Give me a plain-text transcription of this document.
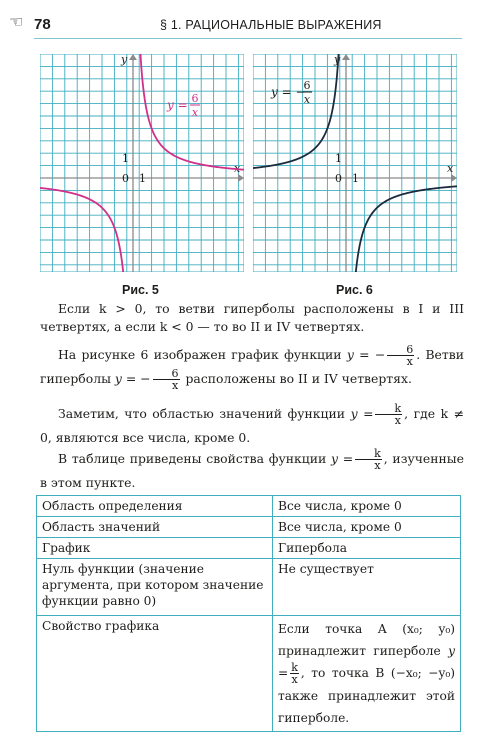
☜ 78	§ 1. РАЦИОНАЛЬНЫЕ ВЫРАЖЕНИЯ
y
x
0 1
1
y = 6
x
Рис. 5
y
x
0 1
1
y = −
6
x
Рис. 6
Если k > 0, то ветви гиперболы расположены в I и III четвертях, а если k < 0 — то во II и IV четвертях.
На рисунке 6 изображен график функции y = − $\frac{6}{x}$ . Ветви гиперболы y = − $\frac{6}{x}$ расположены во II и IV четвертях.
Заметим, что областью значений функции $y = \frac{k}{x}$ , где k ≠ 0, являются все числа, кроме 0.
В таблице приведены свойства функции $y = \frac{k}{x}$ , изученные в этом пункте.
Область определения	Все числа, кроме 0
Область значений	Все числа, кроме 0
График	Гипербола
Нуль функции (значение аргумента, при котором значение функции равно 0)	Не существует
Свойство графика	Если точка A (x₀; y₀) принадлежит гиперболе $y = \frac{k}{x}$ , то точка B (−x₀; −y₀) также принадлежит этой гиперболе.
